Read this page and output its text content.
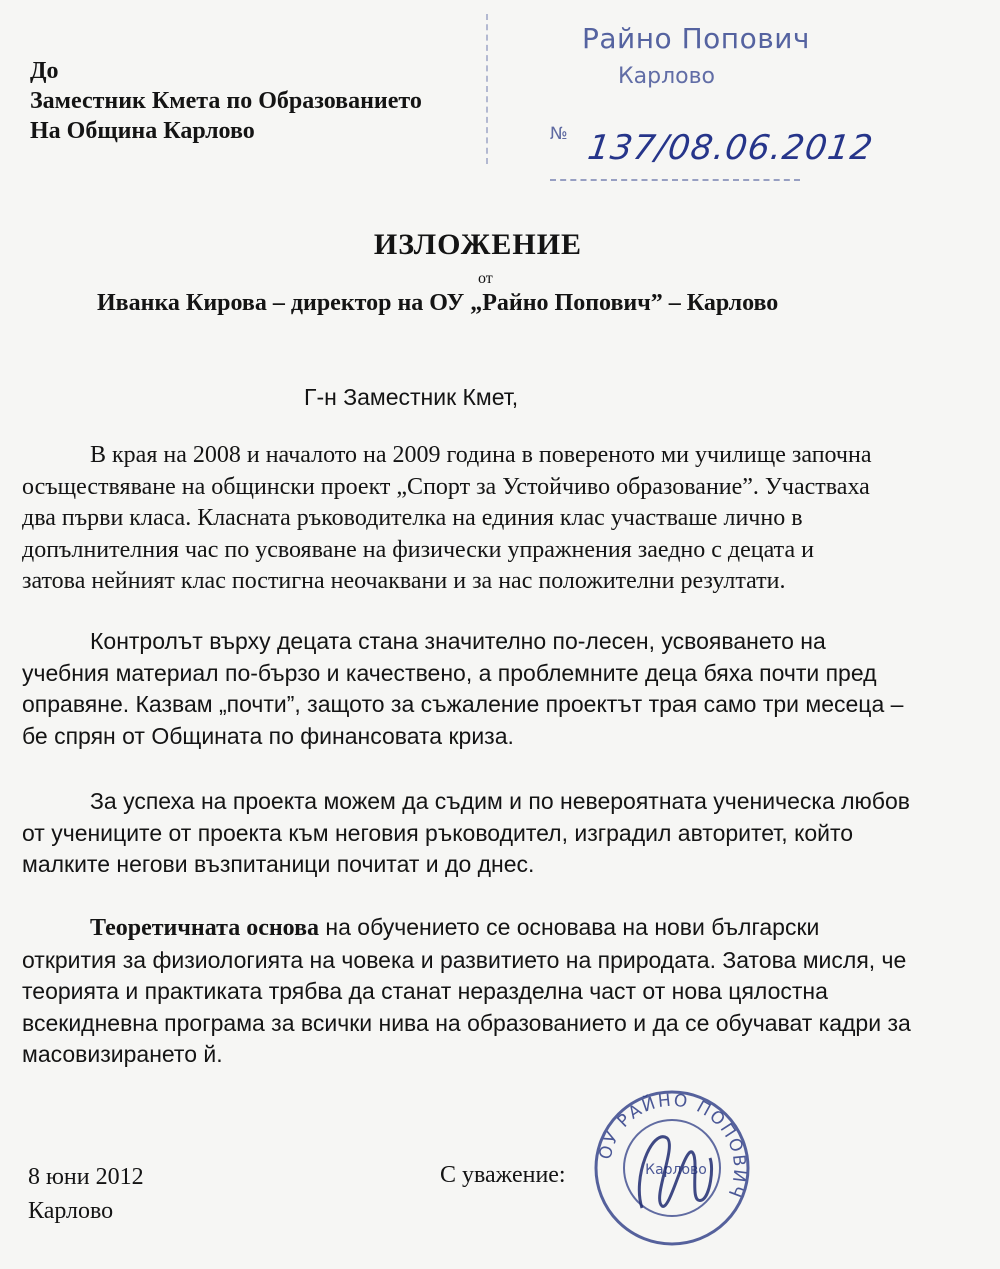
До
Заместник Кмета по Образованието
На Община Карлово
Райно Попович
Карлово
№ 137/08.06.2012
ИЗЛОЖЕНИЕ
от
Иванка Кирова – директор на ОУ „Райно Попович” – Карлово
Г-н Заместник Кмет,
В края на 2008 и началото на 2009 година в повереното ми училище започна
осъществяване на общински проект „Спорт за Устойчиво образование”. Участваха
два първи класа. Класната ръководителка на единия клас участваше лично в
допълнителния час по усвояване на физически упражнения заедно с децата и
затова нейният клас постигна неочаквани и за нас положителни резултати.
Контролът върху децата стана значително по-лесен, усвояването на
учебния материал по-бързо и качествено, а проблемните деца бяха почти пред
оправяне. Казвам „почти”, защото за съжаление проектът трая само три месеца –
бе спрян от Общината по финансовата криза.
За успеха на проекта можем да съдим и по невероятната ученическа любов
от учениците от проекта към неговия ръководител, изградил авторитет, който
малките негови възпитаници почитат и до днес.
Теоретичната основа на обучението се основава на нови български
открития за физиологията на човека и развитието на природата. Затова мисля, че
теорията и практиката трябва да станат неразделна част от нова цялостна
всекидневна програма за всички нива на образованието и да се обучават кадри за
масовизирането й.
8 юни 2012
Карлово
С уважение:
ОУ РАЙНО ПОПОВИЧ
Карлово
